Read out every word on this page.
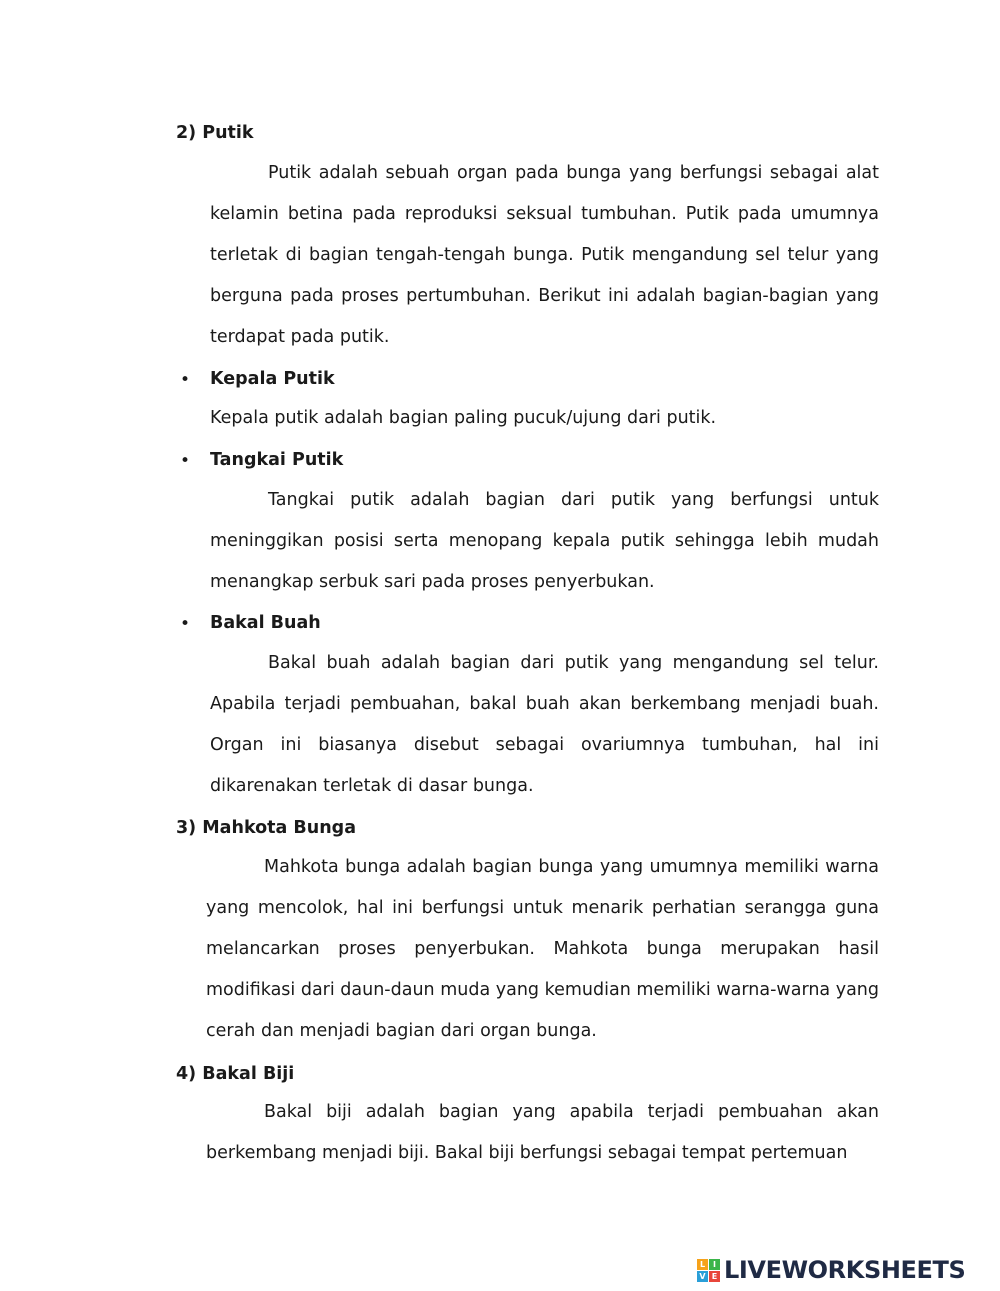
2) Putik

Putik adalah sebuah organ pada bunga yang berfungsi sebagai alat kelamin betina pada reproduksi seksual tumbuhan. Putik pada umumnya terletak di bagian tengah-tengah bunga. Putik mengandung sel telur yang berguna pada proses pertumbuhan. Berikut ini adalah bagian-bagian yang terdapat pada putik.

• Kepala Putik

Kepala putik adalah bagian paling pucuk/ujung dari putik.

• Tangkai Putik

Tangkai putik adalah bagian dari putik yang berfungsi untuk meninggikan posisi serta menopang kepala putik sehingga lebih mudah menangkap serbuk sari pada proses penyerbukan.

• Bakal Buah

Bakal buah adalah bagian dari putik yang mengandung sel telur. Apabila terjadi pembuahan, bakal buah akan berkembang menjadi buah. Organ ini biasanya disebut sebagai ovariumnya tumbuhan, hal ini dikarenakan terletak di dasar bunga.

3) Mahkota Bunga

Mahkota bunga adalah bagian bunga yang umumnya memiliki warna yang mencolok, hal ini berfungsi untuk menarik perhatian serangga guna melancarkan proses penyerbukan. Mahkota bunga merupakan hasil modifikasi dari daun-daun muda yang kemudian memiliki warna-warna yang cerah dan menjadi bagian dari organ bunga.

4) Bakal Biji

Bakal biji adalah bagian yang apabila terjadi pembuahan akan berkembang menjadi biji. Bakal biji berfungsi sebagai tempat pertemuan

L I
V E LIVEWORKSHEETS
